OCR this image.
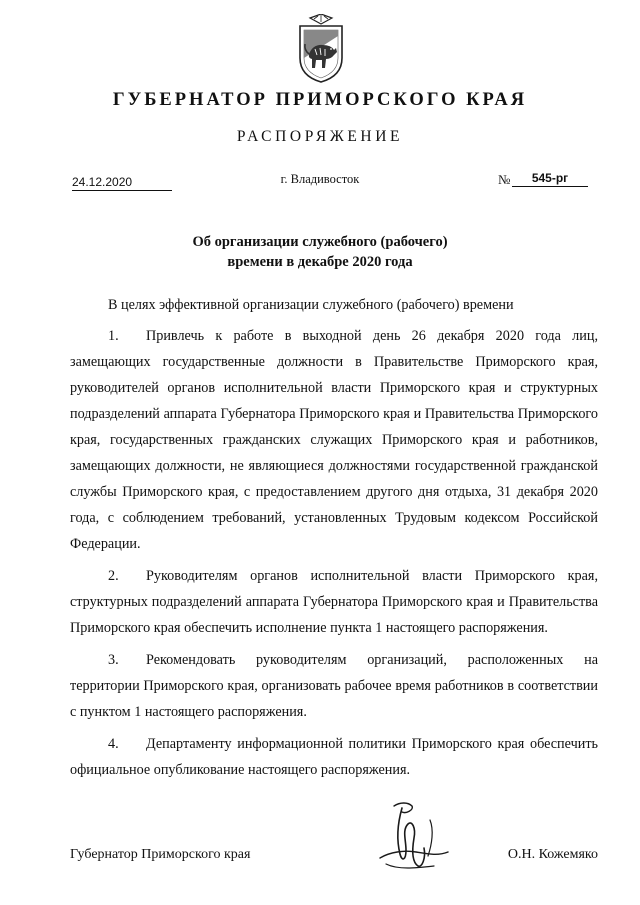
ГУБЕРНАТОР ПРИМОРСКОГО КРАЯ
РАСПОРЯЖЕНИЕ
24.12.2020	г. Владивосток	№	545-рг
Об организации служебного (рабочего)
времени в декабре 2020 года
В целях эффективной организации служебного (рабочего) времени
1. Привлечь к работе в выходной день 26 декабря 2020 года лиц, замещающих государственные должности в Правительстве Приморского края, руководителей органов исполнительной власти Приморского края и структурных подразделений аппарата Губернатора Приморского края и Правительства Приморского края, государственных гражданских служащих Приморского края и работников, замещающих должности, не являющиеся должностями государственной гражданской службы Приморского края, с предоставлением другого дня отдыха, 31 декабря 2020 года, с соблюдением требований, установленных Трудовым кодексом Российской Федерации.
2. Руководителям органов исполнительной власти Приморского края, структурных подразделений аппарата Губернатора Приморского края и Правительства Приморского края обеспечить исполнение пункта 1 настоящего распоряжения.
3. Рекомендовать руководителям организаций, расположенных на территории Приморского края, организовать рабочее время работников в соответствии с пунктом 1 настоящего распоряжения.
4. Департаменту информационной политики Приморского края обеспечить официальное опубликование настоящего распоряжения.
Губернатор Приморского края	О.Н. Кожемяко
